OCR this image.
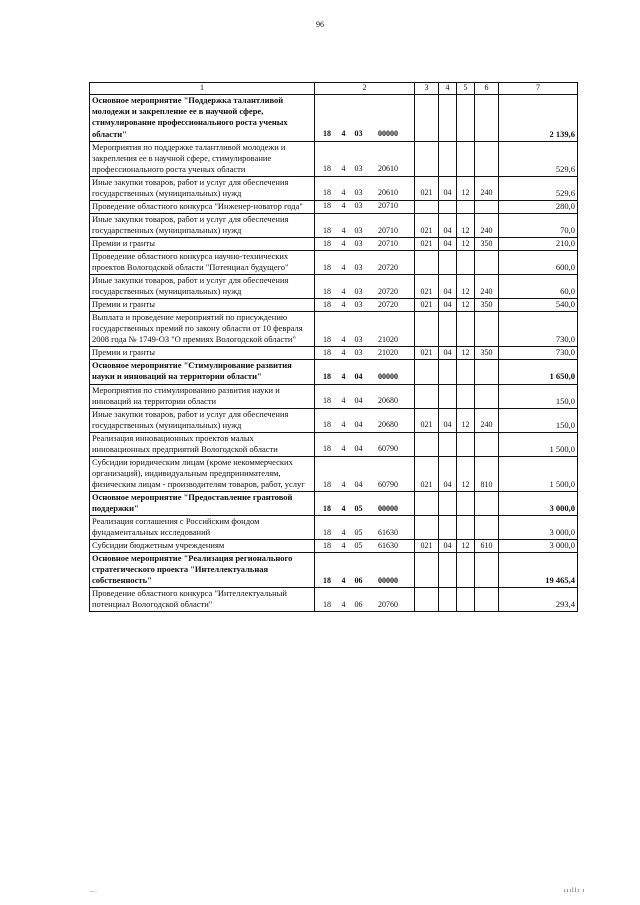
96
1	2	3	4	5	6	7
Основное мероприятие "Поддержка талантливой молодежи и закрепление ее в научной сфере, стимулирование профессионального роста ученых области"	18 4 03 00000					2 139,6
Мероприятия по поддержке талантливой молодежи и закрепления ее в научной сфере, стимулирование профессионального роста ученых области	18 4 03 20610					529,6
Иные закупки товаров, работ и услуг для обеспечения государственных (муниципальных) нужд	18 4 03 20610	021	04	12	240	529,6
Проведение областного конкурса "Инженер-новатор года"	18 4 03 20710					280,0
Иные закупки товаров, работ и услуг для обеспечения государственных (муниципальных) нужд	18 4 03 20710	021	04	12	240	70,0
Премии и гранты	18 4 03 20710	021	04	12	350	210,0
Проведение областного конкурса научно-технических проектов Вологодской области "Потенциал будущего"	18 4 03 20720					600,0
Иные закупки товаров, работ и услуг для обеспечения государственных (муниципальных) нужд	18 4 03 20720	021	04	12	240	60,0
Премии и гранты	18 4 03 20720	021	04	12	350	540,0
Выплата и проведение мероприятий по присуждению государственных премий по закону области от 10 февраля 2008 года № 1749-ОЗ "О премиях Вологодской области"	18 4 03 21020					730,0
Премии и гранты	18 4 03 21020	021	04	12	350	730,0
Основное мероприятие "Стимулирование развития науки и инноваций на территории области"	18 4 04 00000					1 650,0
Мероприятия по стимулированию развития науки и инноваций на территории области	18 4 04 20680					150,0
Иные закупки товаров, работ и услуг для обеспечения государственных (муниципальных) нужд	18 4 04 20680	021	04	12	240	150,0
Реализация инновационных проектов малых инновационных предприятий Вологодской области	18 4 04 60790					1 500,0
Субсидии юридическим лицам (кроме некоммерческих организаций), индивидуальным предпринимателям, физическим лицам - производителям товаров, работ, услуг	18 4 04 60790	021	04	12	810	1 500,0
Основное мероприятие "Предоставление грантовой поддержки"	18 4 05 00000					3 000,0
Реализация соглашения с Российским фондом фундаментальных исследований	18 4 05 61630					3 000,0
Субсидии бюджетным учреждениям	18 4 05 61630	021	04	12	610	3 000,0
Основное мероприятие "Реализация регионального стратегического проекта "Интеллектуальная собственность"	18 4 06 00000					19 465,4
Проведение областного конкурса "Интеллектуальный потенциал Вологодской области"	18 4 06 20760					293,4
–··	ıııllı ı
